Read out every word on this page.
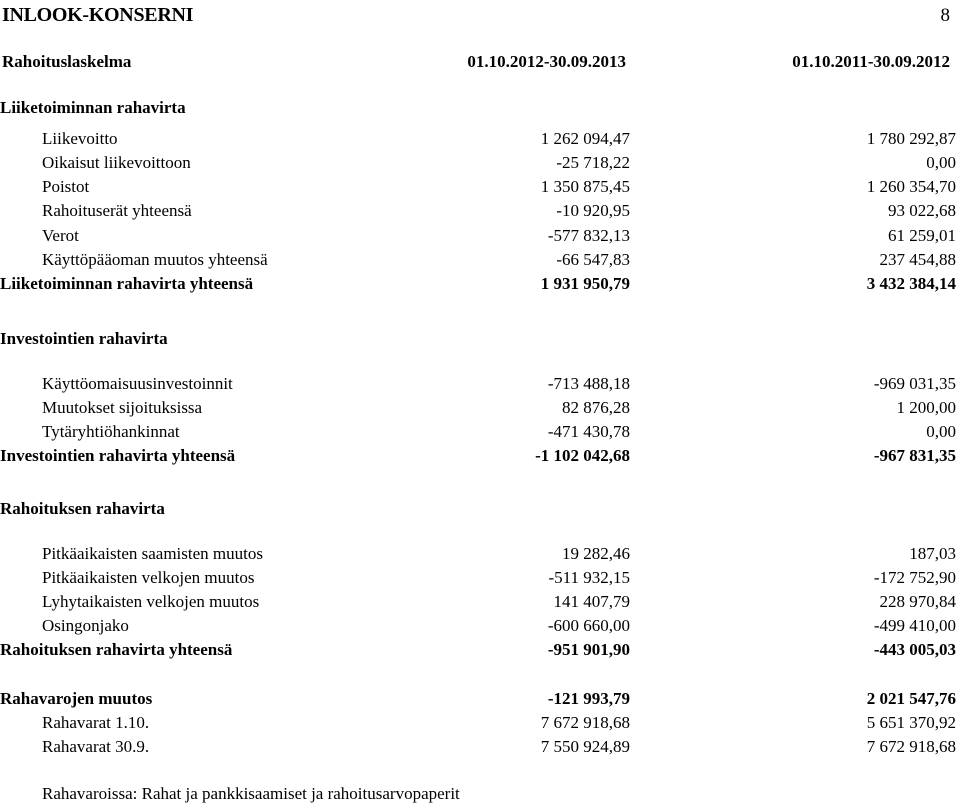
INLOOK-KONSERNI	8
Rahoituslaskelma	01.10.2012-30.09.2013	01.10.2011-30.09.2012
Liiketoiminnan rahavirta
Liikevoitto	1 262 094,47	1 780 292,87
Oikaisut liikevoittoon	-25 718,22	0,00
Poistot	1 350 875,45	1 260 354,70
Rahoituserät yhteensä	-10 920,95	93 022,68
Verot	-577 832,13	61 259,01
Käyttöpääoman muutos yhteensä	-66 547,83	237 454,88
Liiketoiminnan rahavirta yhteensä	1 931 950,79	3 432 384,14
Investointien rahavirta
Käyttöomaisuusinvestoinnit	-713 488,18	-969 031,35
Muutokset sijoituksissa	82 876,28	1 200,00
Tytäryhtiöhankinnat	-471 430,78	0,00
Investointien rahavirta yhteensä	-1 102 042,68	-967 831,35
Rahoituksen rahavirta
Pitkäaikaisten saamisten muutos	19 282,46	187,03
Pitkäaikaisten velkojen muutos	-511 932,15	-172 752,90
Lyhytaikaisten velkojen muutos	141 407,79	228 970,84
Osingonjako	-600 660,00	-499 410,00
Rahoituksen rahavirta yhteensä	-951 901,90	-443 005,03
Rahavarojen muutos	-121 993,79	2 021 547,76
Rahavarat 1.10.	7 672 918,68	5 651 370,92
Rahavarat 30.9.	7 550 924,89	7 672 918,68
Rahavaroissa: Rahat ja pankkisaamiset ja rahoitusarvopaperit
